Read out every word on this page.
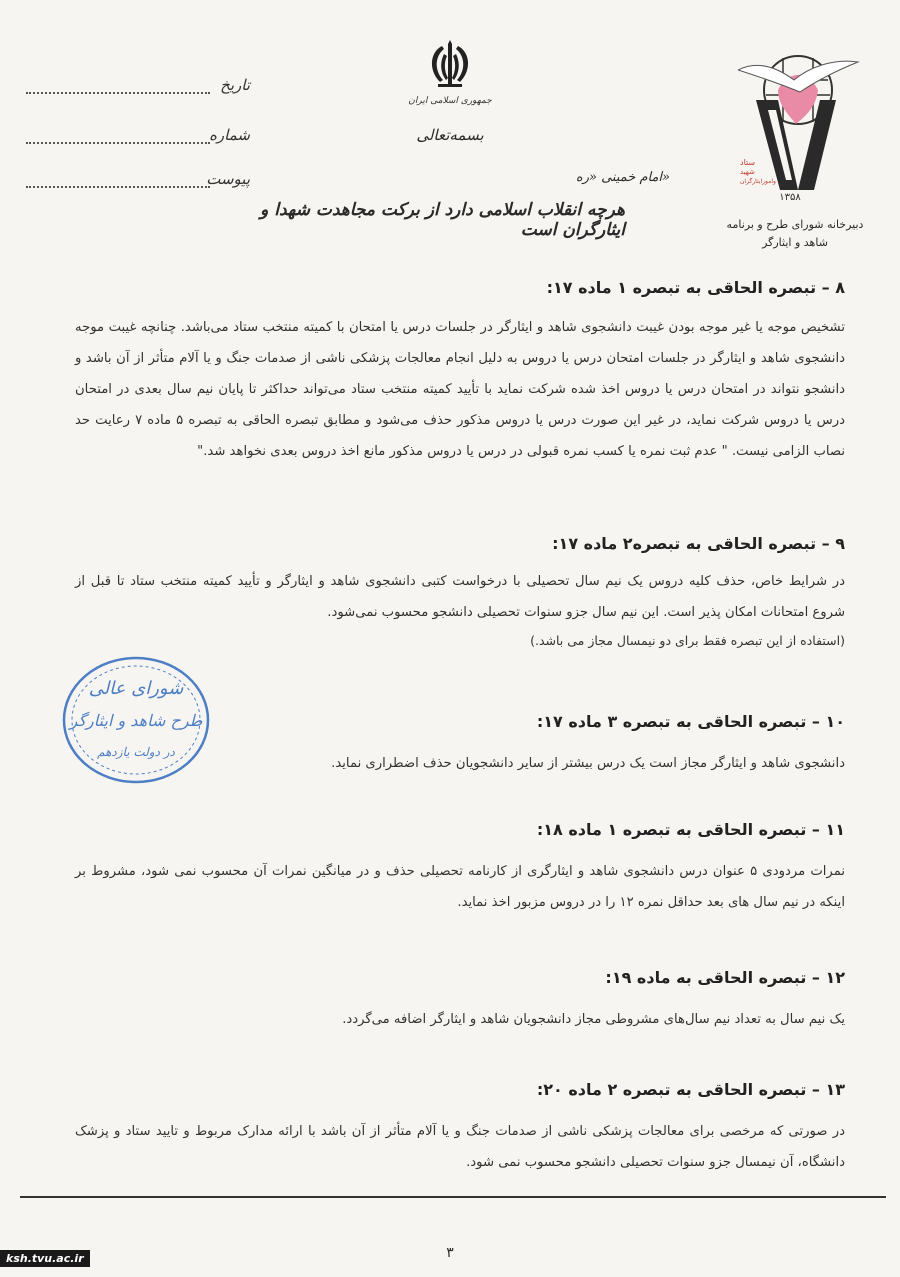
تاریخ
شماره
پیوست
جمهوری اسلامی ایران
بسمه‌تعالی
امام خمینی «ره»
هرچه انقلاب اسلامی دارد از برکت مجاهدت شهدا و ایثارگران است
ستاد
شهید
وامورایثارگران
۱۳۵۸
دبیرخانه شورای طرح و برنامه
شاهد و ایثارگر
۸ – تبصره الحاقی به تبصره ۱ ماده ۱۷:

تشخیص موجه یا غیر موجه بودن غیبت دانشجوی شاهد و ایثارگر در جلسات درس یا امتحان با کمیته منتخب ستاد می‌باشد. چنانچه غیبت موجه دانشجوی شاهد و ایثارگر در جلسات امتحان درس یا دروس به دلیل انجام معالجات پزشکی ناشی از صدمات جنگ و یا آلام متأثر از آن باشد و دانشجو نتواند در امتحان درس یا دروس اخذ شده شرکت نماید با تأیید کمیته منتخب ستاد می‌تواند حداکثر تا پایان نیم سال بعدی در امتحان درس یا دروس شرکت نماید، در غیر این صورت درس یا دروس مذکور حذف می‌شود و مطابق تبصره الحاقی به تبصره ۵ ماده ۷ رعایت حد نصاب الزامی نیست. " عدم ثبت نمره یا کسب نمره قبولی در درس یا دروس مذکور مانع اخذ دروس بعدی نخواهد شد."

۹ – تبصره الحاقی به تبصره۲ ماده ۱۷:

در شرایط خاص، حذف کلیه دروس یک نیم سال تحصیلی با درخواست کتبی دانشجوی شاهد و ایثارگر و تأیید کمیته منتخب ستاد تا قبل از شروع امتحانات امکان پذیر است. این نیم سال جزو سنوات تحصیلی دانشجو محسوب نمی‌شود.

(استفاده از این تبصره فقط برای دو نیمسال مجاز می باشد.)

شورای عالی
طرح شاهد و ایثارگر
در دولت یازدهم
۱۰ – تبصره الحاقی به تبصره ۳ ماده ۱۷:

دانشجوی شاهد و ایثارگر مجاز است یک درس بیشتر از سایر دانشجویان حذف اضطراری نماید.

۱۱ – تبصره الحاقی به تبصره ۱ ماده ۱۸:

نمرات مردودی ۵ عنوان درس دانشجوی شاهد و ایثارگری از کارنامه تحصیلی حذف و در میانگین نمرات آن محسوب نمی شود، مشروط بر اینکه در نیم سال های بعد حداقل نمره ۱۲ را در دروس مزبور اخذ نماید.

۱۲ – تبصره الحاقی به ماده ۱۹:

یک نیم سال به تعداد نیم سال‌های مشروطی مجاز دانشجویان شاهد و ایثارگر اضافه می‌گردد.

۱۳ – تبصره الحاقی به تبصره ۲ ماده ۲۰:

در صورتی که مرخصی برای معالجات پزشکی ناشی از صدمات جنگ و یا آلام متأثر از آن باشد با ارائه مدارک مربوط و تایید ستاد و پزشک دانشگاه، آن نیمسال جزو سنوات تحصیلی دانشجو محسوب نمی شود.

۳
ksh.tvu.ac.ir
